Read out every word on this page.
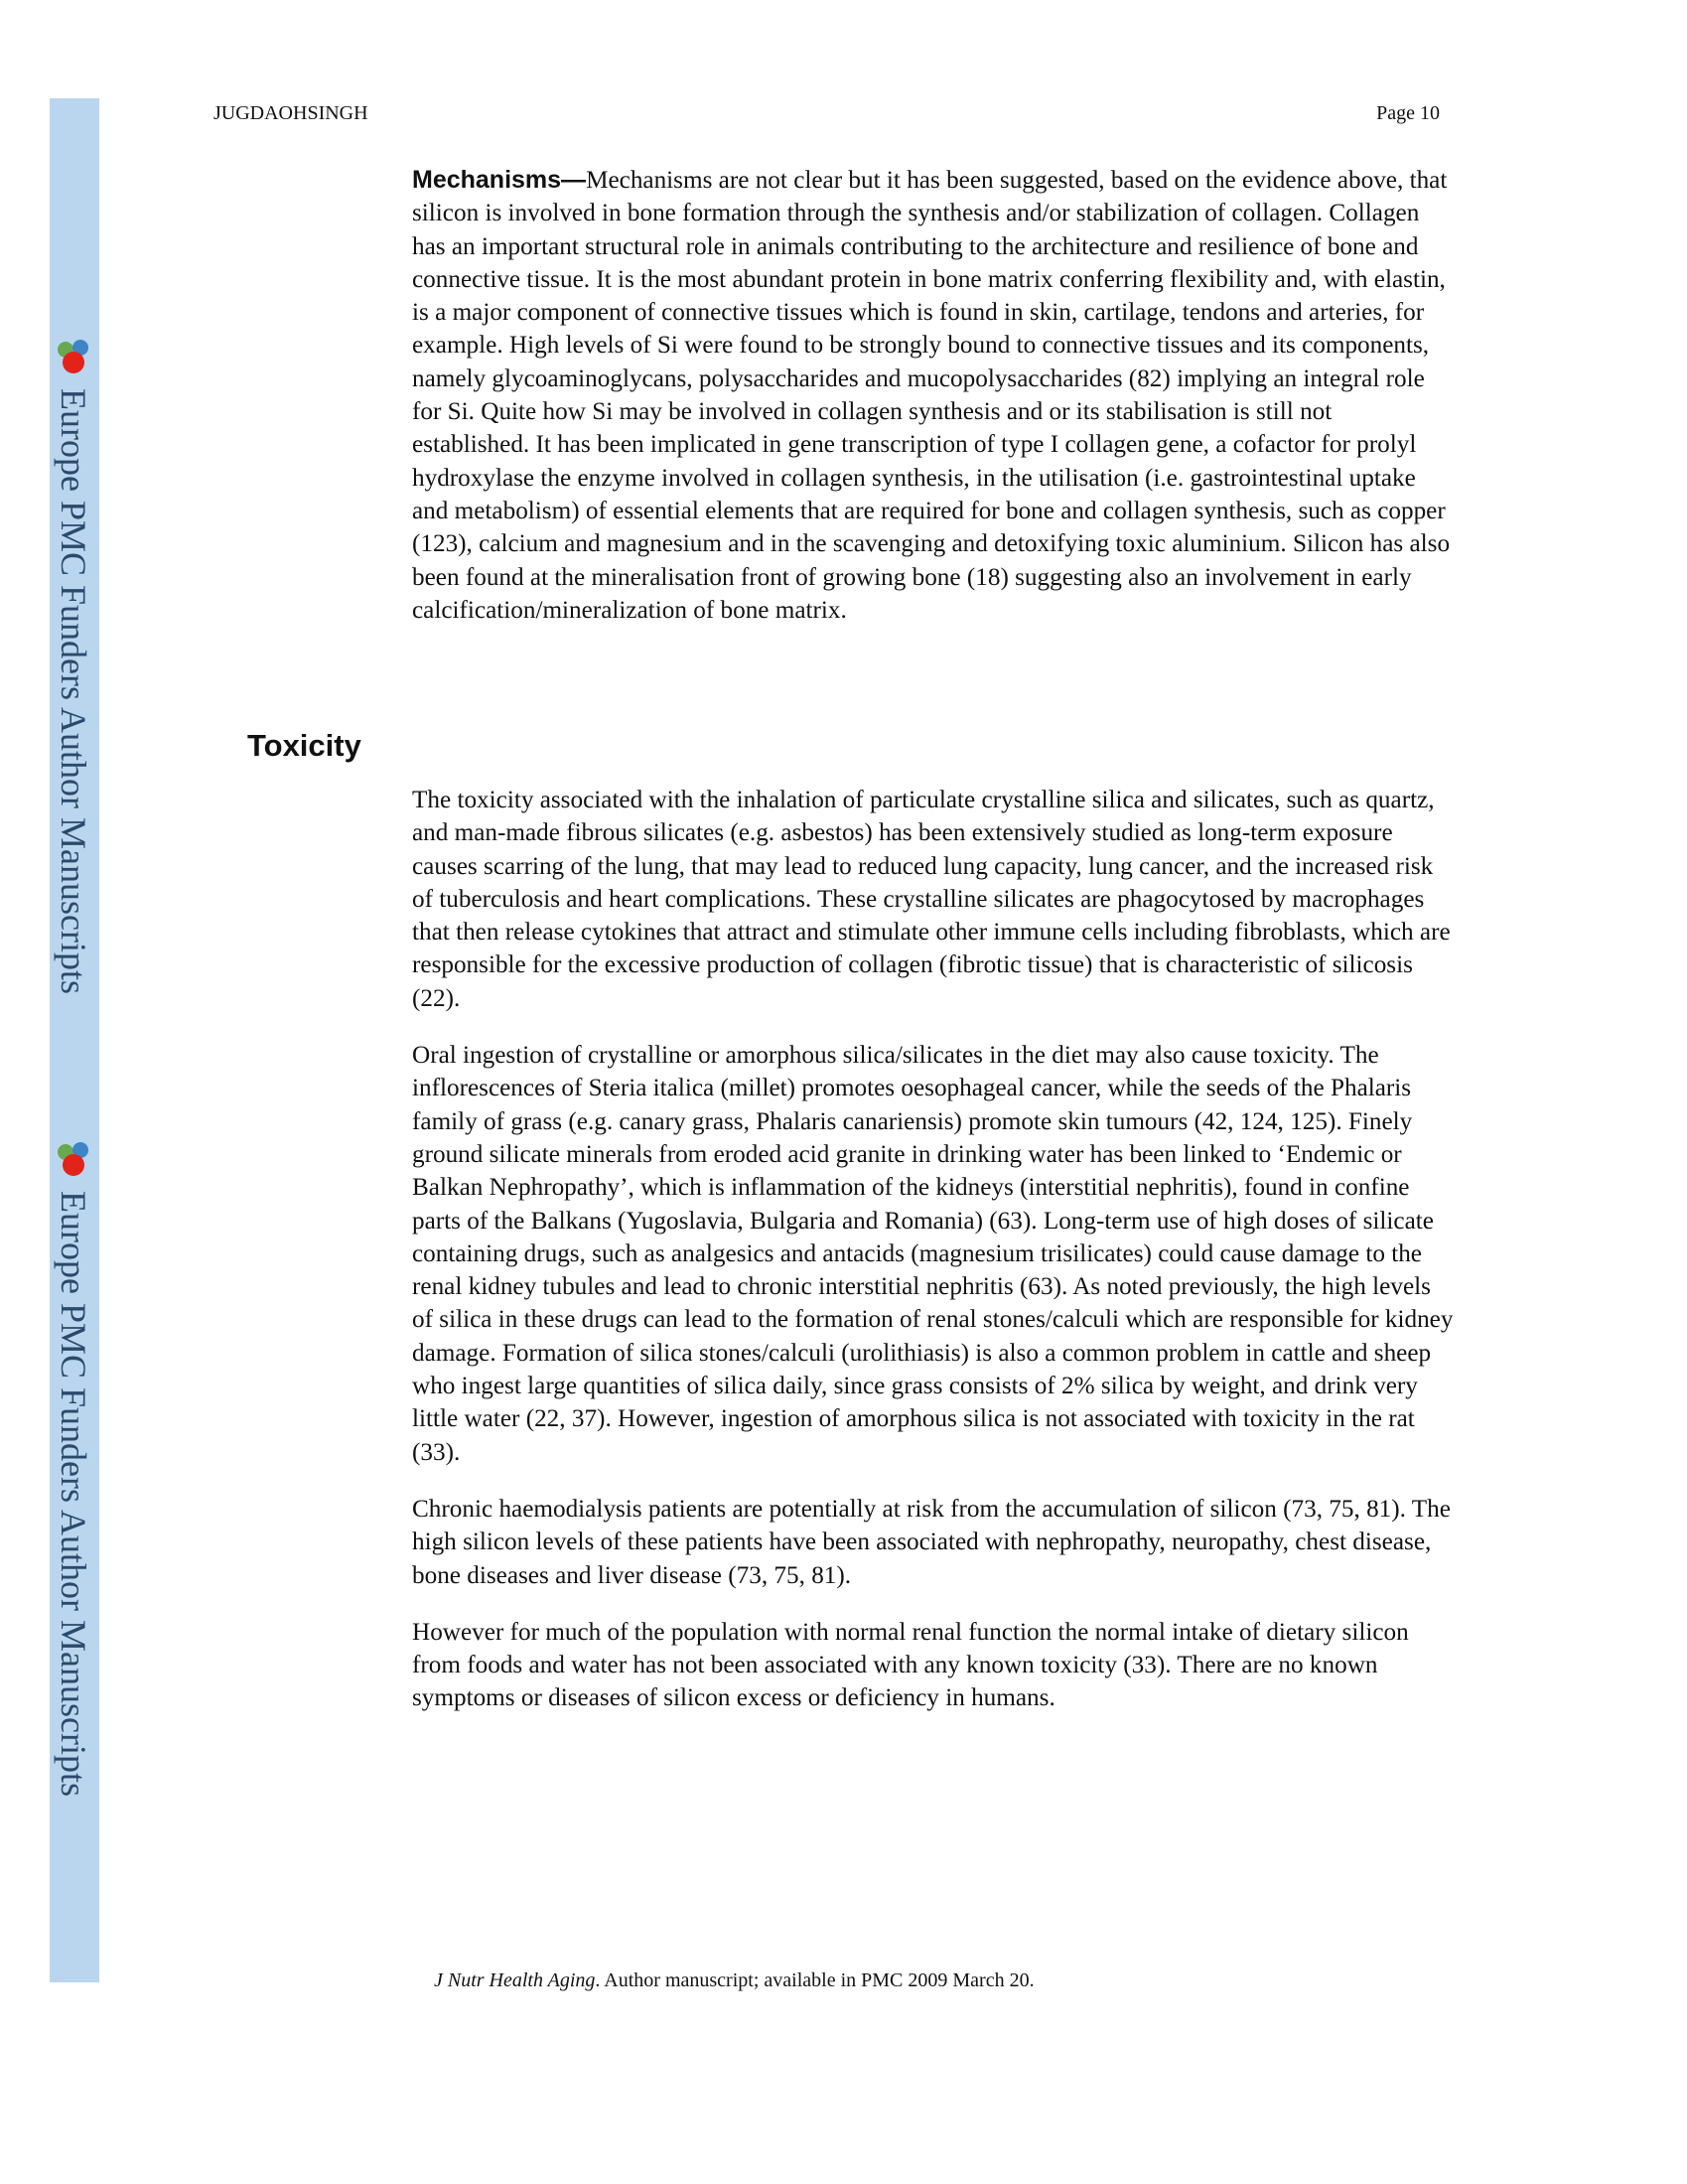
Europe PMC Funders Author Manuscripts
Europe PMC Funders Author Manuscripts
JUGDAOHSINGH	Page 10

Mechanisms—Mechanisms are not clear but it has been suggested, based on the evidence above, that silicon is involved in bone formation through the synthesis and/or stabilization of collagen. Collagen has an important structural role in animals contributing to the architecture and resilience of bone and connective tissue. It is the most abundant protein in bone matrix conferring flexibility and, with elastin, is a major component of connective tissues which is found in skin, cartilage, tendons and arteries, for example. High levels of Si were found to be strongly bound to connective tissues and its components, namely glycoaminoglycans, polysaccharides and mucopolysaccharides (82) implying an integral role for Si. Quite how Si may be involved in collagen synthesis and or its stabilisation is still not established. It has been implicated in gene transcription of type I collagen gene, a cofactor for prolyl hydroxylase the enzyme involved in collagen synthesis, in the utilisation (i.e. gastrointestinal uptake and metabolism) of essential elements that are required for bone and collagen synthesis, such as copper (123), calcium and magnesium and in the scavenging and detoxifying toxic aluminium. Silicon has also been found at the mineralisation front of growing bone (18) suggesting also an involvement in early calcification/mineralization of bone matrix.

Toxicity

The toxicity associated with the inhalation of particulate crystalline silica and silicates, such as quartz, and man-made fibrous silicates (e.g. asbestos) has been extensively studied as long-term exposure causes scarring of the lung, that may lead to reduced lung capacity, lung cancer, and the increased risk of tuberculosis and heart complications. These crystalline silicates are phagocytosed by macrophages that then release cytokines that attract and stimulate other immune cells including fibroblasts, which are responsible for the excessive production of collagen (fibrotic tissue) that is characteristic of silicosis (22).

Oral ingestion of crystalline or amorphous silica/silicates in the diet may also cause toxicity. The inflorescences of Steria italica (millet) promotes oesophageal cancer, while the seeds of the Phalaris family of grass (e.g. canary grass, Phalaris canariensis) promote skin tumours (42, 124, 125). Finely ground silicate minerals from eroded acid granite in drinking water has been linked to ‘Endemic or Balkan Nephropathy’, which is inflammation of the kidneys (interstitial nephritis), found in confine parts of the Balkans (Yugoslavia, Bulgaria and Romania) (63). Long-term use of high doses of silicate containing drugs, such as analgesics and antacids (magnesium trisilicates) could cause damage to the renal kidney tubules and lead to chronic interstitial nephritis (63). As noted previously, the high levels of silica in these drugs can lead to the formation of renal stones/calculi which are responsible for kidney damage. Formation of silica stones/calculi (urolithiasis) is also a common problem in cattle and sheep who ingest large quantities of silica daily, since grass consists of 2% silica by weight, and drink very little water (22, 37). However, ingestion of amorphous silica is not associated with toxicity in the rat (33).

Chronic haemodialysis patients are potentially at risk from the accumulation of silicon (73, 75, 81). The high silicon levels of these patients have been associated with nephropathy, neuropathy, chest disease, bone diseases and liver disease (73, 75, 81).

However for much of the population with normal renal function the normal intake of dietary silicon from foods and water has not been associated with any known toxicity (33). There are no known symptoms or diseases of silicon excess or deficiency in humans.

J Nutr Health Aging. Author manuscript; available in PMC 2009 March 20.
